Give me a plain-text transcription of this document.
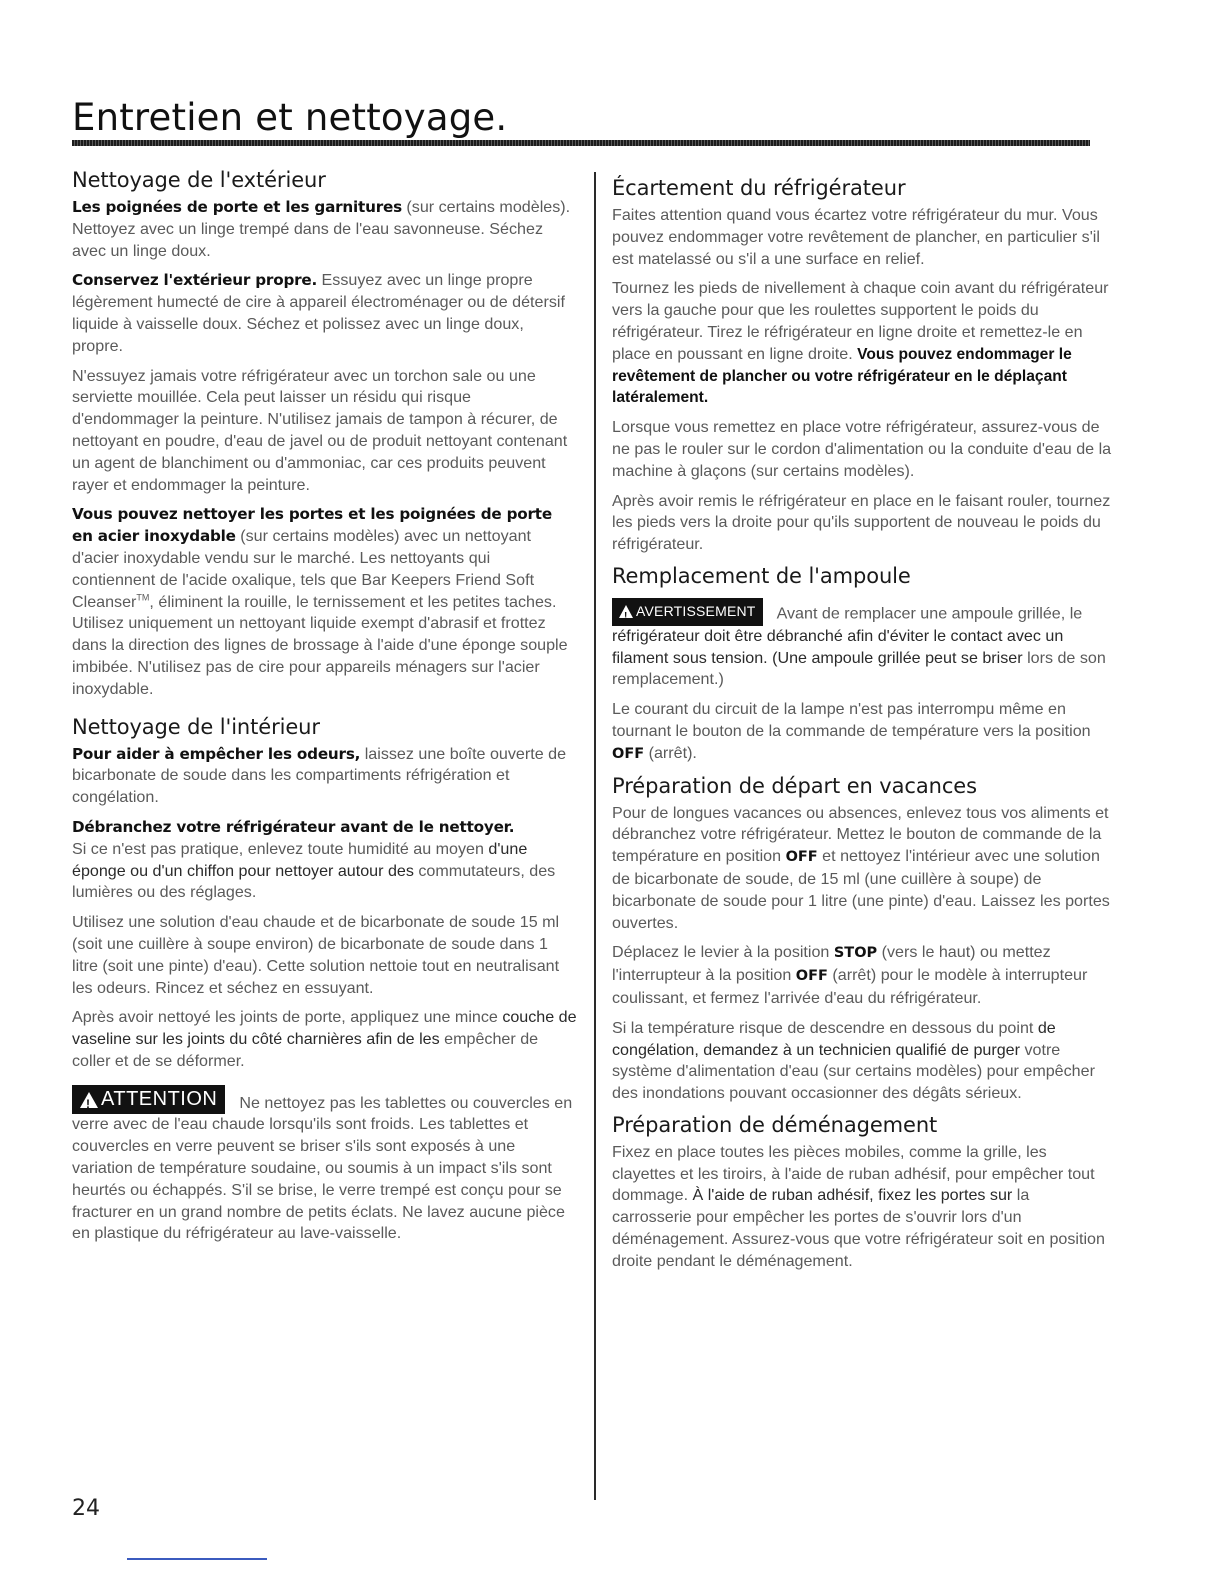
Entretien et nettoyage.
Nettoyage de l'extérieur

Les poignées de porte et les garnitures (sur certains modèles). Nettoyez avec un linge trempé dans de l'eau savonneuse. Séchez avec un linge doux.

Conservez l'extérieur propre. Essuyez avec un linge propre légèrement humecté de cire à appareil électroménager ou de détersif liquide à vaisselle doux. Séchez et polissez avec un linge doux, propre.

N'essuyez jamais votre réfrigérateur avec un torchon sale ou une serviette mouillée. Cela peut laisser un résidu qui risque d'endommager la peinture. N'utilisez jamais de tampon à récurer, de nettoyant en poudre, d'eau de javel ou de produit nettoyant contenant un agent de blanchiment ou d'ammoniac, car ces produits peuvent rayer et endommager la peinture.

Vous pouvez nettoyer les portes et les poignées de porte en acier inoxydable (sur certains modèles) avec un nettoyant d'acier inoxydable vendu sur le marché. Les nettoyants qui contiennent de l'acide oxalique, tels que Bar Keepers Friend Soft Cleanser™, éliminent la rouille, le ternissement et les petites taches. Utilisez uniquement un nettoyant liquide exempt d'abrasif et frottez dans la direction des lignes de brossage à l'aide d'une éponge souple imbibée. N'utilisez pas de cire pour appareils ménagers sur l'acier inoxydable.

Nettoyage de l'intérieur

Pour aider à empêcher les odeurs, laissez une boîte ouverte de bicarbonate de soude dans les compartiments réfrigération et congélation.

Débranchez votre réfrigérateur avant de le nettoyer.
Si ce n'est pas pratique, enlevez toute humidité au moyen d'une éponge ou d'un chiffon pour nettoyer autour des commutateurs, des lumières ou des réglages.

Utilisez une solution d'eau chaude et de bicarbonate de soude 15 ml (soit une cuillère à soupe environ) de bicarbonate de soude dans 1 litre (soit une pinte) d'eau). Cette solution nettoie tout en neutralisant les odeurs. Rincez et séchez en essuyant.

Après avoir nettoyé les joints de porte, appliquez une mince couche de vaseline sur les joints du côté charnières afin de les empêcher de coller et de se déformer.

!
ATTENTION Ne nettoyez pas les tablettes ou couvercles en verre avec de l'eau chaude lorsqu'ils sont froids. Les tablettes et couvercles en verre peuvent se briser s'ils sont exposés à une variation de température soudaine, ou soumis à un impact s'ils sont heurtés ou échappés. S'il se brise, le verre trempé est conçu pour se fracturer en un grand nombre de petits éclats. Ne lavez aucune pièce en plastique du réfrigérateur au lave-vaisselle.

Écartement du réfrigérateur

Faites attention quand vous écartez votre réfrigérateur du mur. Vous pouvez endommager votre revêtement de plancher, en particulier s'il est matelassé ou s'il a une surface en relief.

Tournez les pieds de nivellement à chaque coin avant du réfrigérateur vers la gauche pour que les roulettes supportent le poids du réfrigérateur. Tirez le réfrigérateur en ligne droite et remettez-le en place en poussant en ligne droite. Vous pouvez endommager le revêtement de plancher ou votre réfrigérateur en le déplaçant latéralement.

Lorsque vous remettez en place votre réfrigérateur, assurez-vous de ne pas le rouler sur le cordon d'alimentation ou la conduite d'eau de la machine à glaçons (sur certains modèles).

Après avoir remis le réfrigérateur en place en le faisant rouler, tournez les pieds vers la droite pour qu'ils supportent de nouveau le poids du réfrigérateur.

Remplacement de l'ampoule

!
AVERTISSEMENT Avant de remplacer une ampoule grillée, le réfrigérateur doit être débranché afin d'éviter le contact avec un filament sous tension. (Une ampoule grillée peut se briser lors de son remplacement.)

Le courant du circuit de la lampe n'est pas interrompu même en tournant le bouton de la commande de température vers la position OFF (arrêt).

Préparation de départ en vacances

Pour de longues vacances ou absences, enlevez tous vos aliments et débranchez votre réfrigérateur. Mettez le bouton de commande de la température en position OFF et nettoyez l'intérieur avec une solution de bicarbonate de soude, de 15 ml (une cuillère à soupe) de bicarbonate de soude pour 1 litre (une pinte) d'eau. Laissez les portes ouvertes.

Déplacez le levier à la position STOP (vers le haut) ou mettez l'interrupteur à la position OFF (arrêt) pour le modèle à interrupteur coulissant, et fermez l'arrivée d'eau du réfrigérateur.

Si la température risque de descendre en dessous du point de congélation, demandez à un technicien qualifié de purger votre système d'alimentation d'eau (sur certains modèles) pour empêcher des inondations pouvant occasionner des dégâts sérieux.

Préparation de déménagement

Fixez en place toutes les pièces mobiles, comme la grille, les clayettes et les tiroirs, à l'aide de ruban adhésif, pour empêcher tout dommage. À l'aide de ruban adhésif, fixez les portes sur la carrosserie pour empêcher les portes de s'ouvrir lors d'un déménagement. Assurez-vous que votre réfrigérateur soit en position droite pendant le déménagement.

24
